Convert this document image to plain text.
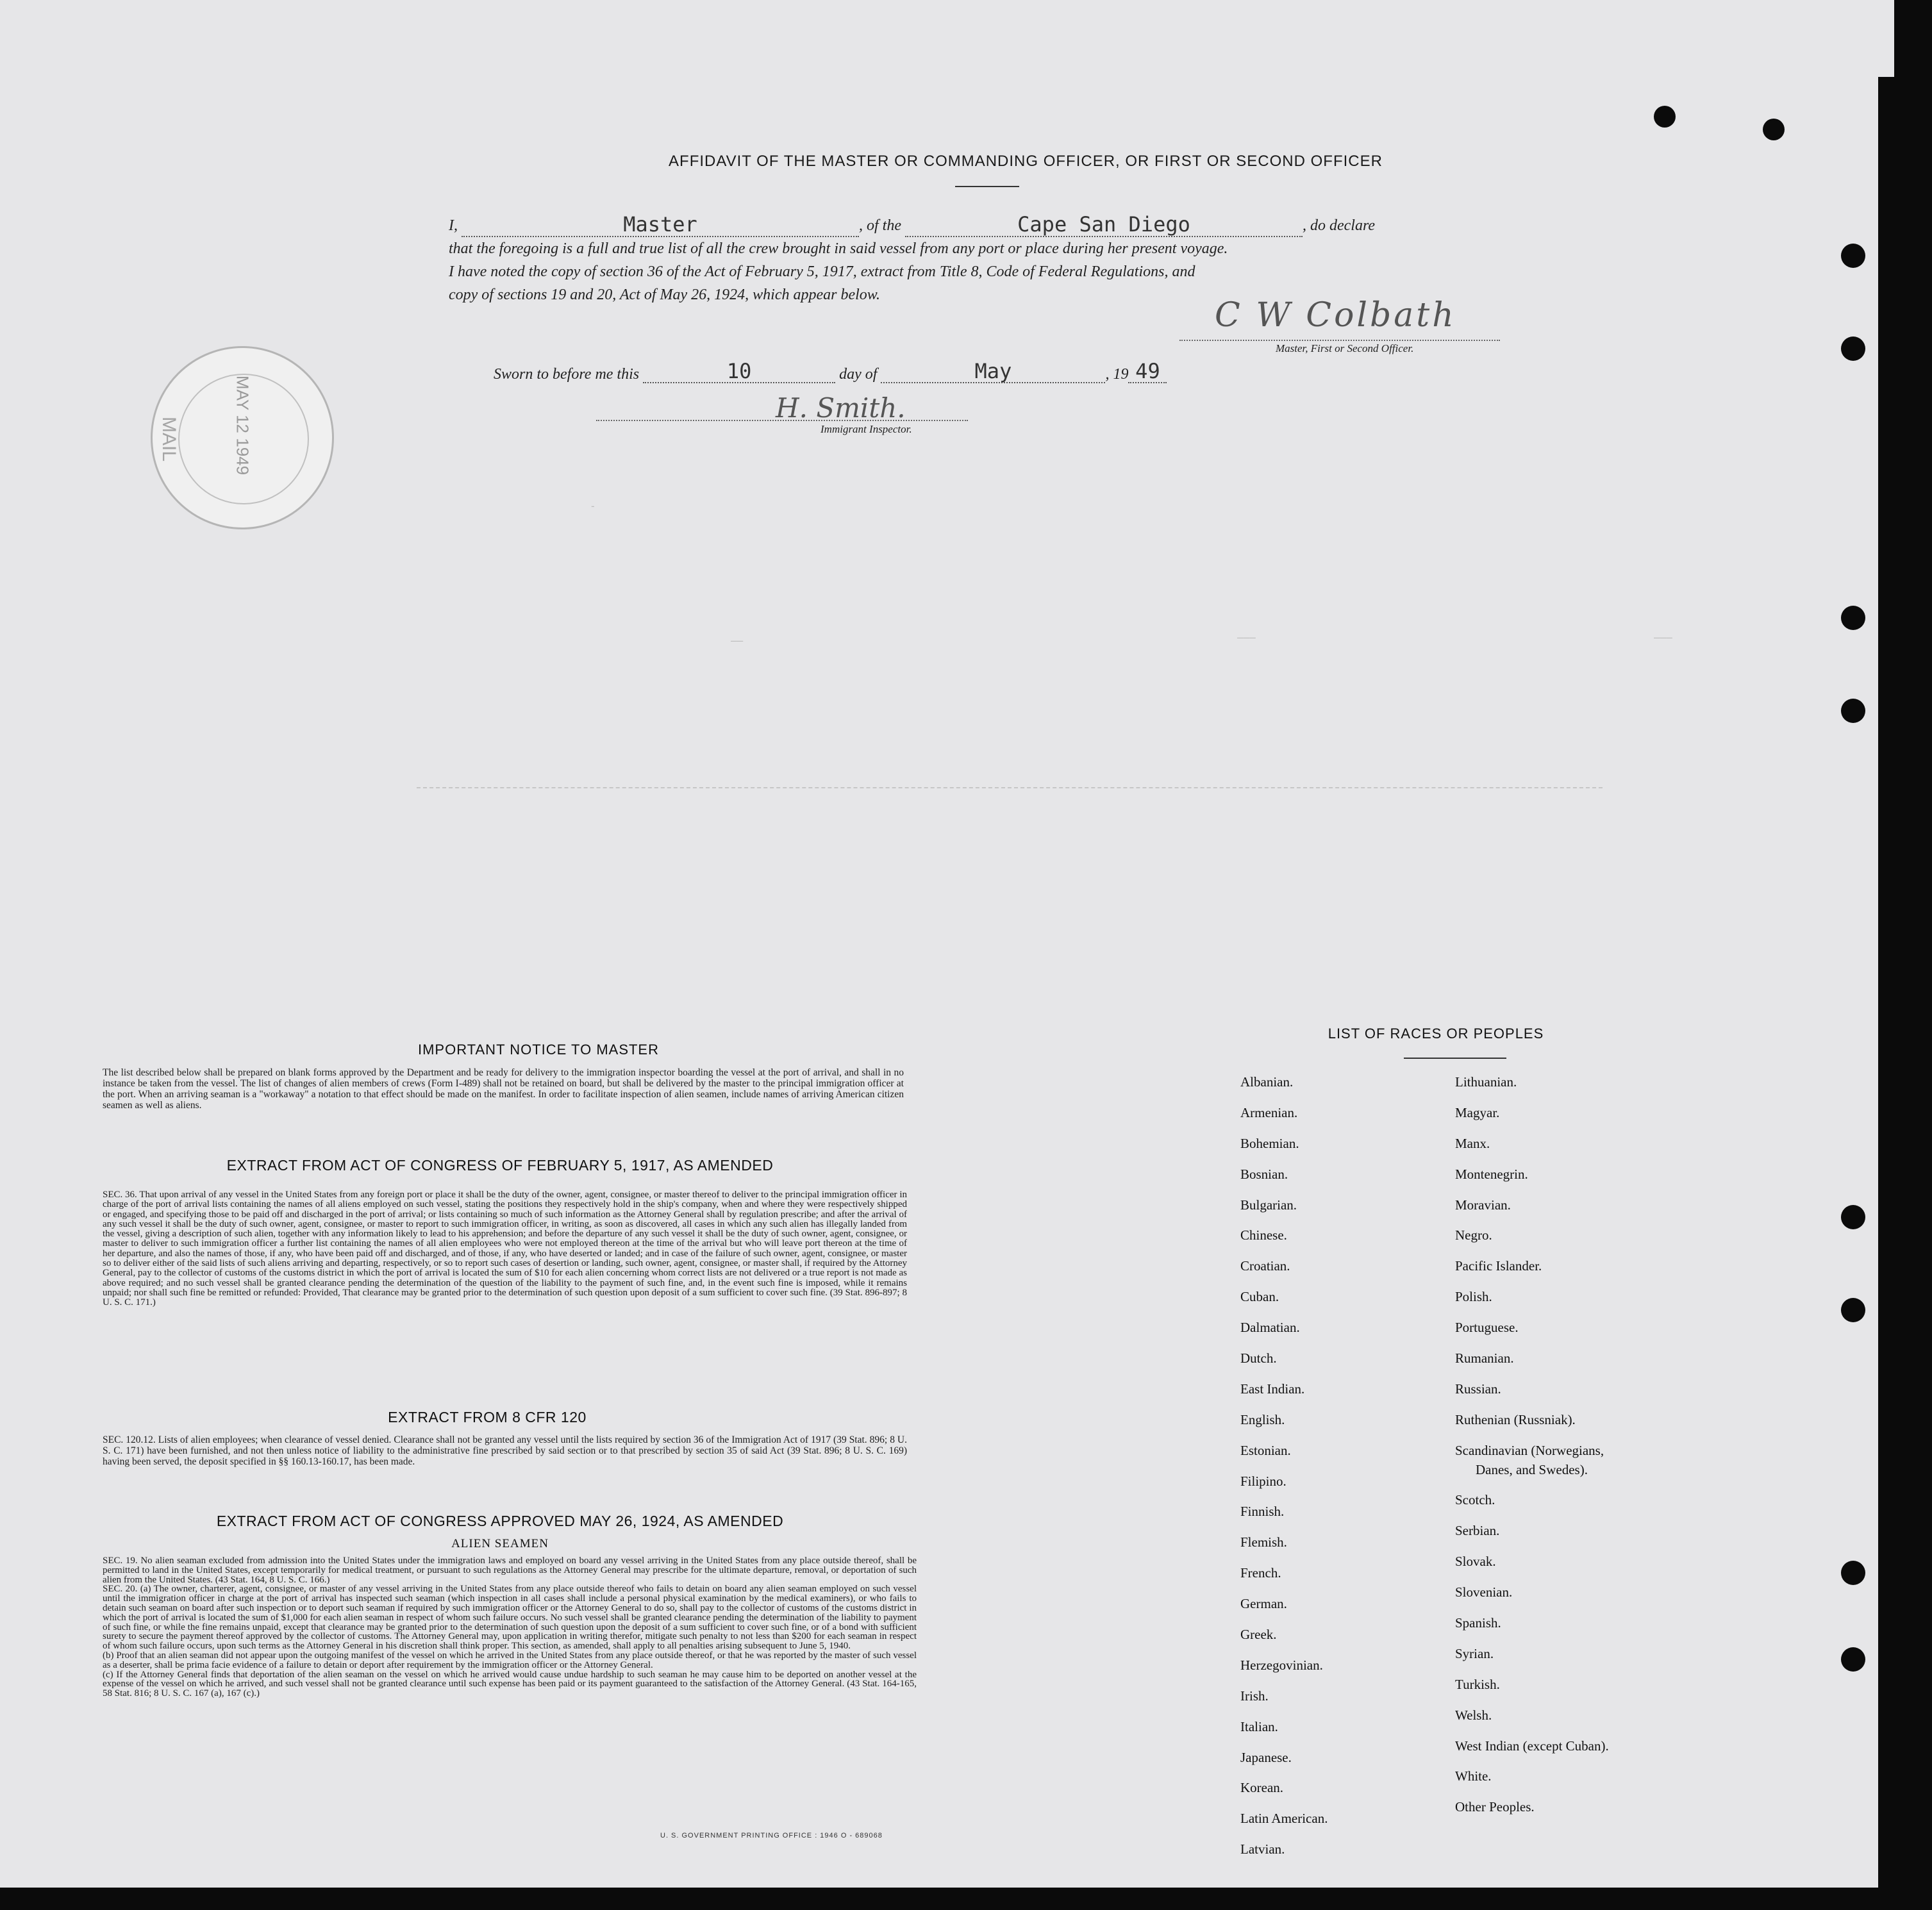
AFFIDAVIT OF THE MASTER OR COMMANDING OFFICER, OR FIRST OR SECOND OFFICER
I,	Master	, of the	Cape San Diego	, do declare
that the foregoing is a full and true list of all the crew brought in said vessel from any port or place during her present voyage.
I have noted the copy of section 36 of the Act of February 5, 1917, extract from Title 8, Code of Federal Regulations, and
copy of sections 19 and 20, Act of May 26, 1924, which appear below.
C W Colbath
Master, First or Second Officer.
Sworn to before me this	10	day of	May	, 19 49
H. Smith.
Immigrant Inspector.
MAY 12 1949
MAIL
‐
‒‒	———	‒‒‒
IMPORTANT NOTICE TO MASTER
The list described below shall be prepared on blank forms approved by the Department and be ready for delivery to the immigration inspector boarding the vessel at the port of arrival, and shall in no instance be taken from the vessel. The list of changes of alien members of crews (Form I-489) shall not be retained on board, but shall be delivered by the master to the principal immigration officer at the port. When an arriving seaman is a "workaway" a notation to that effect should be made on the manifest. In order to facilitate inspection of alien seamen, include names of arriving American citizen seamen as well as aliens.
EXTRACT FROM ACT OF CONGRESS OF FEBRUARY 5, 1917, AS AMENDED
SEC. 36. That upon arrival of any vessel in the United States from any foreign port or place it shall be the duty of the owner, agent, consignee, or master thereof to deliver to the principal immigration officer in charge of the port of arrival lists containing the names of all aliens employed on such vessel, stating the positions they respectively hold in the ship's company, when and where they were respectively shipped or engaged, and specifying those to be paid off and discharged in the port of arrival; or lists containing so much of such information as the Attorney General shall by regulation prescribe; and after the arrival of any such vessel it shall be the duty of such owner, agent, consignee, or master to report to such immigration officer, in writing, as soon as discovered, all cases in which any such alien has illegally landed from the vessel, giving a description of such alien, together with any information likely to lead to his apprehension; and before the departure of any such vessel it shall be the duty of such owner, agent, consignee, or master to deliver to such immigration officer a further list containing the names of all alien employees who were not employed thereon at the time of the arrival but who will leave port thereon at the time of her departure, and also the names of those, if any, who have been paid off and discharged, and of those, if any, who have deserted or landed; and in case of the failure of such owner, agent, consignee, or master so to deliver either of the said lists of such aliens arriving and departing, respectively, or so to report such cases of desertion or landing, such owner, agent, consignee, or master shall, if required by the Attorney General, pay to the collector of customs of the customs district in which the port of arrival is located the sum of $10 for each alien concerning whom correct lists are not delivered or a true report is not made as above required; and no such vessel shall be granted clearance pending the determination of the question of the liability to the payment of such fine, and, in the event such fine is imposed, while it remains unpaid; nor shall such fine be remitted or refunded: Provided, That clearance may be granted prior to the determination of such question upon deposit of a sum sufficient to cover such fine. (39 Stat. 896-897; 8 U. S. C. 171.)
EXTRACT FROM 8 CFR 120
SEC. 120.12. Lists of alien employees; when clearance of vessel denied. Clearance shall not be granted any vessel until the lists required by section 36 of the Immigration Act of 1917 (39 Stat. 896; 8 U. S. C. 171) have been furnished, and not then unless notice of liability to the administrative fine prescribed by said section or to that prescribed by section 35 of said Act (39 Stat. 896; 8 U. S. C. 169) having been served, the deposit specified in §§ 160.13-160.17, has been made.
EXTRACT FROM ACT OF CONGRESS APPROVED MAY 26, 1924, AS AMENDED
ALIEN SEAMEN
SEC. 19. No alien seaman excluded from admission into the United States under the immigration laws and employed on board any vessel arriving in the United States from any place outside thereof, shall be permitted to land in the United States, except temporarily for medical treatment, or pursuant to such regulations as the Attorney General may prescribe for the ultimate departure, removal, or deportation of such alien from the United States. (43 Stat. 164, 8 U. S. C. 166.)
SEC. 20. (a) The owner, charterer, agent, consignee, or master of any vessel arriving in the United States from any place outside thereof who fails to detain on board any alien seaman employed on such vessel until the immigration officer in charge at the port of arrival has inspected such seaman (which inspection in all cases shall include a personal physical examination by the medical examiners), or who fails to detain such seaman on board after such inspection or to deport such seaman if required by such immigration officer or the Attorney General to do so, shall pay to the collector of customs of the customs district in which the port of arrival is located the sum of $1,000 for each alien seaman in respect of whom such failure occurs. No such vessel shall be granted clearance pending the determination of the liability to payment of such fine, or while the fine remains unpaid, except that clearance may be granted prior to the determination of such question upon the deposit of a sum sufficient to cover such fine, or of a bond with sufficient surety to secure the payment thereof approved by the collector of customs. The Attorney General may, upon application in writing therefor, mitigate such penalty to not less than $200 for each seaman in respect of whom such failure occurs, upon such terms as the Attorney General in his discretion shall think proper. This section, as amended, shall apply to all penalties arising subsequent to June 5, 1940.
(b) Proof that an alien seaman did not appear upon the outgoing manifest of the vessel on which he arrived in the United States from any place outside thereof, or that he was reported by the master of such vessel as a deserter, shall be prima facie evidence of a failure to detain or deport after requirement by the immigration officer or the Attorney General.
(c) If the Attorney General finds that deportation of the alien seaman on the vessel on which he arrived would cause undue hardship to such seaman he may cause him to be deported on another vessel at the expense of the vessel on which he arrived, and such vessel shall not be granted clearance until such expense has been paid or its payment guaranteed to the satisfaction of the Attorney General. (43 Stat. 164-165, 58 Stat. 816; 8 U. S. C. 167 (a), 167 (c).)
U. S. GOVERNMENT PRINTING OFFICE : 1946 O - 689068
LIST OF RACES OR PEOPLES
Albanian.
Armenian.
Bohemian.
Bosnian.
Bulgarian.
Chinese.
Croatian.
Cuban.
Dalmatian.
Dutch.
East Indian.
English.
Estonian.
Filipino.
Finnish.
Flemish.
French.
German.
Greek.
Herzegovinian.
Irish.
Italian.
Japanese.
Korean.
Latin American.
Latvian.
Lithuanian.
Magyar.
Manx.
Montenegrin.
Moravian.
Negro.
Pacific Islander.
Polish.
Portuguese.
Rumanian.
Russian.
Ruthenian (Russniak).
Scandinavian (Norwegians,
Danes, and Swedes).
Scotch.
Serbian.
Slovak.
Slovenian.
Spanish.
Syrian.
Turkish.
Welsh.
West Indian (except Cuban).
White.
Other Peoples.
